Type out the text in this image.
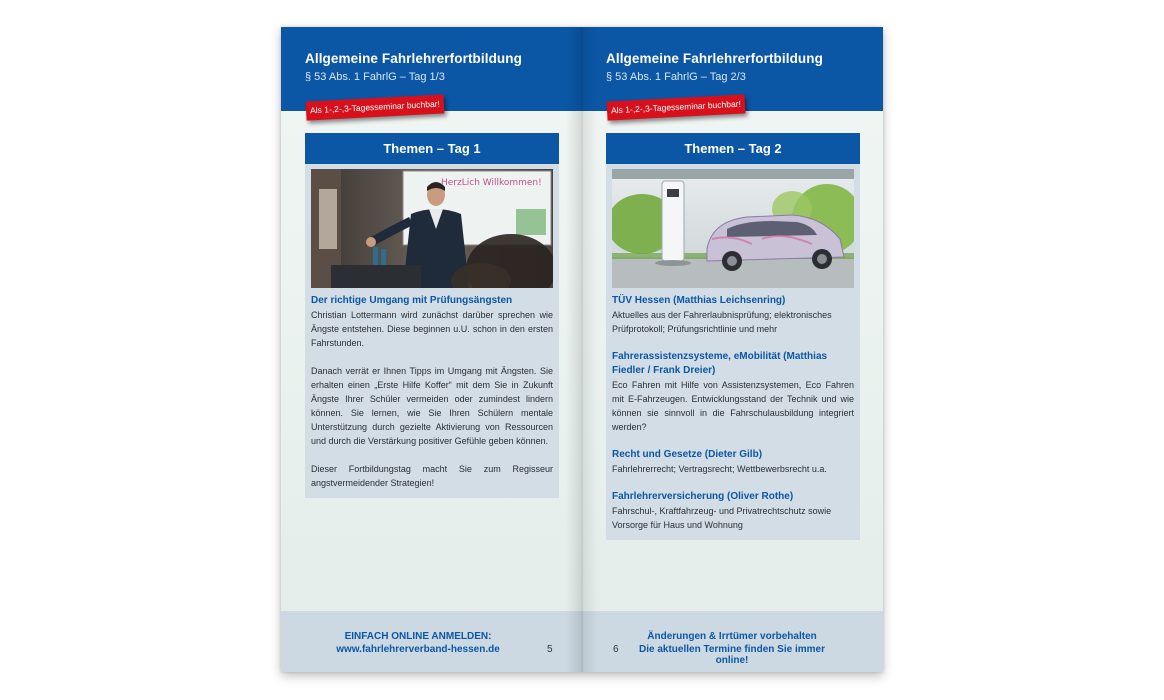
Allgemeine Fahrlehrerfortbildung
§ 53 Abs. 1 FahrlG – Tag 1/3
Als 1-,2-,3-Tagesseminar buchbar!
Themen – Tag 1
HerzLich Willkommen!
Der richtige Umgang mit Prüfungsängsten
Christian Lottermann wird zunächst darüber sprechen wie Ängste entstehen. Diese beginnen u.U. schon in den ersten Fahrstunden.
Danach verrät er Ihnen Tipps im Umgang mit Ängsten. Sie erhalten einen „Erste Hilfe Koffer“ mit dem Sie in Zukunft Ängste Ihrer Schüler vermeiden oder zumindest lindern können. Sie lernen, wie Sie Ihren Schülern mentale Unterstützung durch gezielte Aktivierung von Ressourcen und durch die Verstärkung positiver Gefühle geben können.
Dieser Fortbildungstag macht Sie zum Regisseur angstvermeidender Strategien!
EINFACH ONLINE ANMELDEN:
www.fahrlehrerverband-hessen.de	5
Allgemeine Fahrlehrerfortbildung
§ 53 Abs. 1 FahrlG – Tag 2/3
Als 1-,2-,3-Tagesseminar buchbar!
Themen – Tag 2
TÜV Hessen (Matthias Leichsenring)
Aktuelles aus der Fahrerlaubnisprüfung; elektronisches Prüfprotokoll; Prüfungsrichtlinie und mehr
Fahrerassistenzsysteme, eMobilität (Matthias Fiedler / Frank Dreier)
Eco Fahren mit Hilfe von Assistenzsystemen, Eco Fahren mit E-Fahrzeugen. Entwicklungsstand der Technik und wie können sie sinnvoll in die Fahrschulausbildung integriert werden?
Recht und Gesetze (Dieter Gilb)
Fahrlehrerrecht; Vertragsrecht; Wettbewerbsrecht u.a.
Fahrlehrerversicherung (Oliver Rothe)
Fahrschul-, Kraftfahrzeug- und Privatrechtschutz sowie Vorsorge für Haus und Wohnung
6
Änderungen & Irrtümer vorbehalten
Die aktuellen Termine finden Sie immer online!
